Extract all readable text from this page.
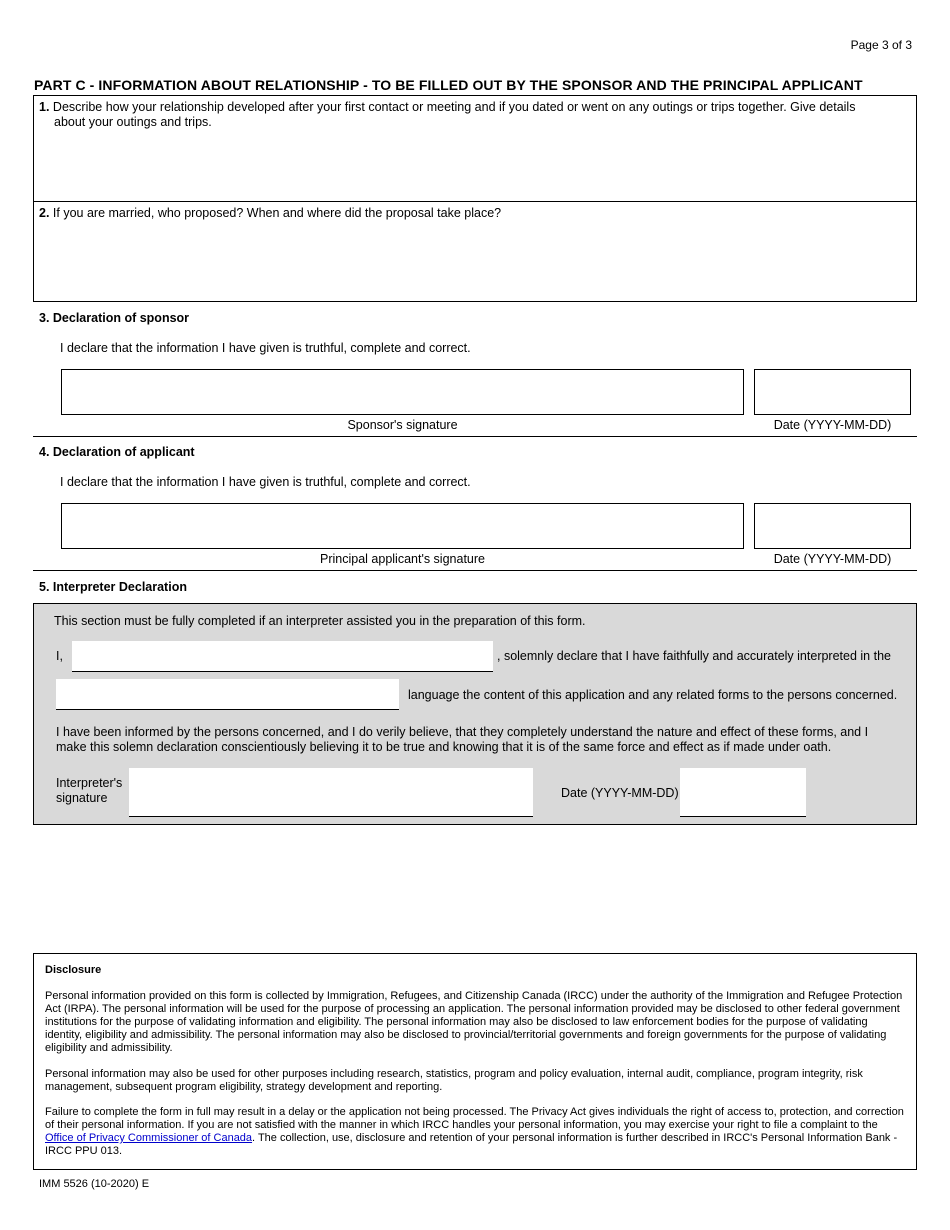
Page 3 of 3
PART C - INFORMATION ABOUT RELATIONSHIP - TO BE FILLED OUT BY THE SPONSOR AND THE PRINCIPAL APPLICANT
1. Describe how your relationship developed after your first contact or meeting and if you dated or went on any outings or trips together. Give details about your outings and trips.
2. If you are married, who proposed? When and where did the proposal take place?
3. Declaration of sponsor
I declare that the information I have given is truthful, complete and correct.
Sponsor's signature	Date (YYYY-MM-DD)
4. Declaration of applicant
I declare that the information I have given is truthful, complete and correct.
Principal applicant's signature	Date (YYYY-MM-DD)
5. Interpreter Declaration
This section must be fully completed if an interpreter assisted you in the preparation of this form.
I,	, solemnly declare that I have faithfully and accurately interpreted in the
language the content of this application and any related forms to the persons concerned.
I have been informed by the persons concerned, and I do verily believe, that they completely understand the nature and effect of these forms, and I make this solemn declaration conscientiously believing it to be true and knowing that it is of the same force and effect as if made under oath.
Interpreter's
signature	Date (YYYY-MM-DD)
Disclosure

Personal information provided on this form is collected by Immigration, Refugees, and Citizenship Canada (IRCC) under the authority of the Immigration and Refugee Protection Act (IRPA). The personal information will be used for the purpose of processing an application. The personal information provided may be disclosed to other federal government institutions for the purpose of validating information and eligibility. The personal information may also be disclosed to law enforcement bodies for the purpose of validating identity, eligibility and admissibility. The personal information may also be disclosed to provincial/territorial governments and foreign governments for the purpose of validating eligibility and admissibility.

Personal information may also be used for other purposes including research, statistics, program and policy evaluation, internal audit, compliance, program integrity, risk management, subsequent program eligibility, strategy development and reporting.

Failure to complete the form in full may result in a delay or the application not being processed. The Privacy Act gives individuals the right of access to, protection, and correction of their personal information. If you are not satisfied with the manner in which IRCC handles your personal information, you may exercise your right to file a complaint to the Office of Privacy Commissioner of Canada. The collection, use, disclosure and retention of your personal information is further described in IRCC's Personal Information Bank - IRCC PPU 013.

IMM 5526 (10-2020) E
